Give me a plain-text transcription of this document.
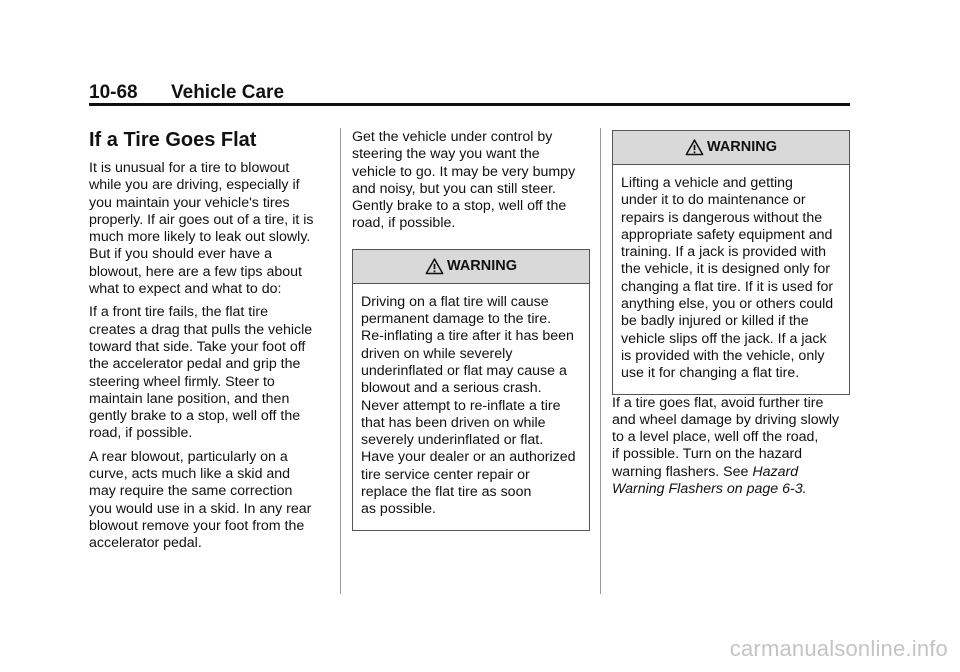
10-68 Vehicle Care
If a Tire Goes Flat

It is unusual for a tire to blowout
while you are driving, especially if
you maintain your vehicle's tires
properly. If air goes out of a tire, it is
much more likely to leak out slowly.
But if you should ever have a
blowout, here are a few tips about
what to expect and what to do:

If a front tire fails, the flat tire
creates a drag that pulls the vehicle
toward that side. Take your foot off
the accelerator pedal and grip the
steering wheel firmly. Steer to
maintain lane position, and then
gently brake to a stop, well off the
road, if possible.

A rear blowout, particularly on a
curve, acts much like a skid and
may require the same correction
you would use in a skid. In any rear
blowout remove your foot from the
accelerator pedal.

Get the vehicle under control by
steering the way you want the
vehicle to go. It may be very bumpy
and noisy, but you can still steer.
Gently brake to a stop, well off the
road, if possible.

WARNING
Driving on a flat tire will cause
permanent damage to the tire.
Re-inflating a tire after it has been
driven on while severely
underinflated or flat may cause a
blowout and a serious crash.
Never attempt to re-inflate a tire
that has been driven on while
severely underinflated or flat.
Have your dealer or an authorized
tire service center repair or
replace the flat tire as soon
as possible.
WARNING
Lifting a vehicle and getting
under it to do maintenance or
repairs is dangerous without the
appropriate safety equipment and
training. If a jack is provided with
the vehicle, it is designed only for
changing a flat tire. If it is used for
anything else, you or others could
be badly injured or killed if the
vehicle slips off the jack. If a jack
is provided with the vehicle, only
use it for changing a flat tire.

If a tire goes flat, avoid further tire
and wheel damage by driving slowly
to a level place, well off the road,
if possible. Turn on the hazard
warning flashers. See Hazard
Warning Flashers on page 6-3.

carmanualsonline.info
